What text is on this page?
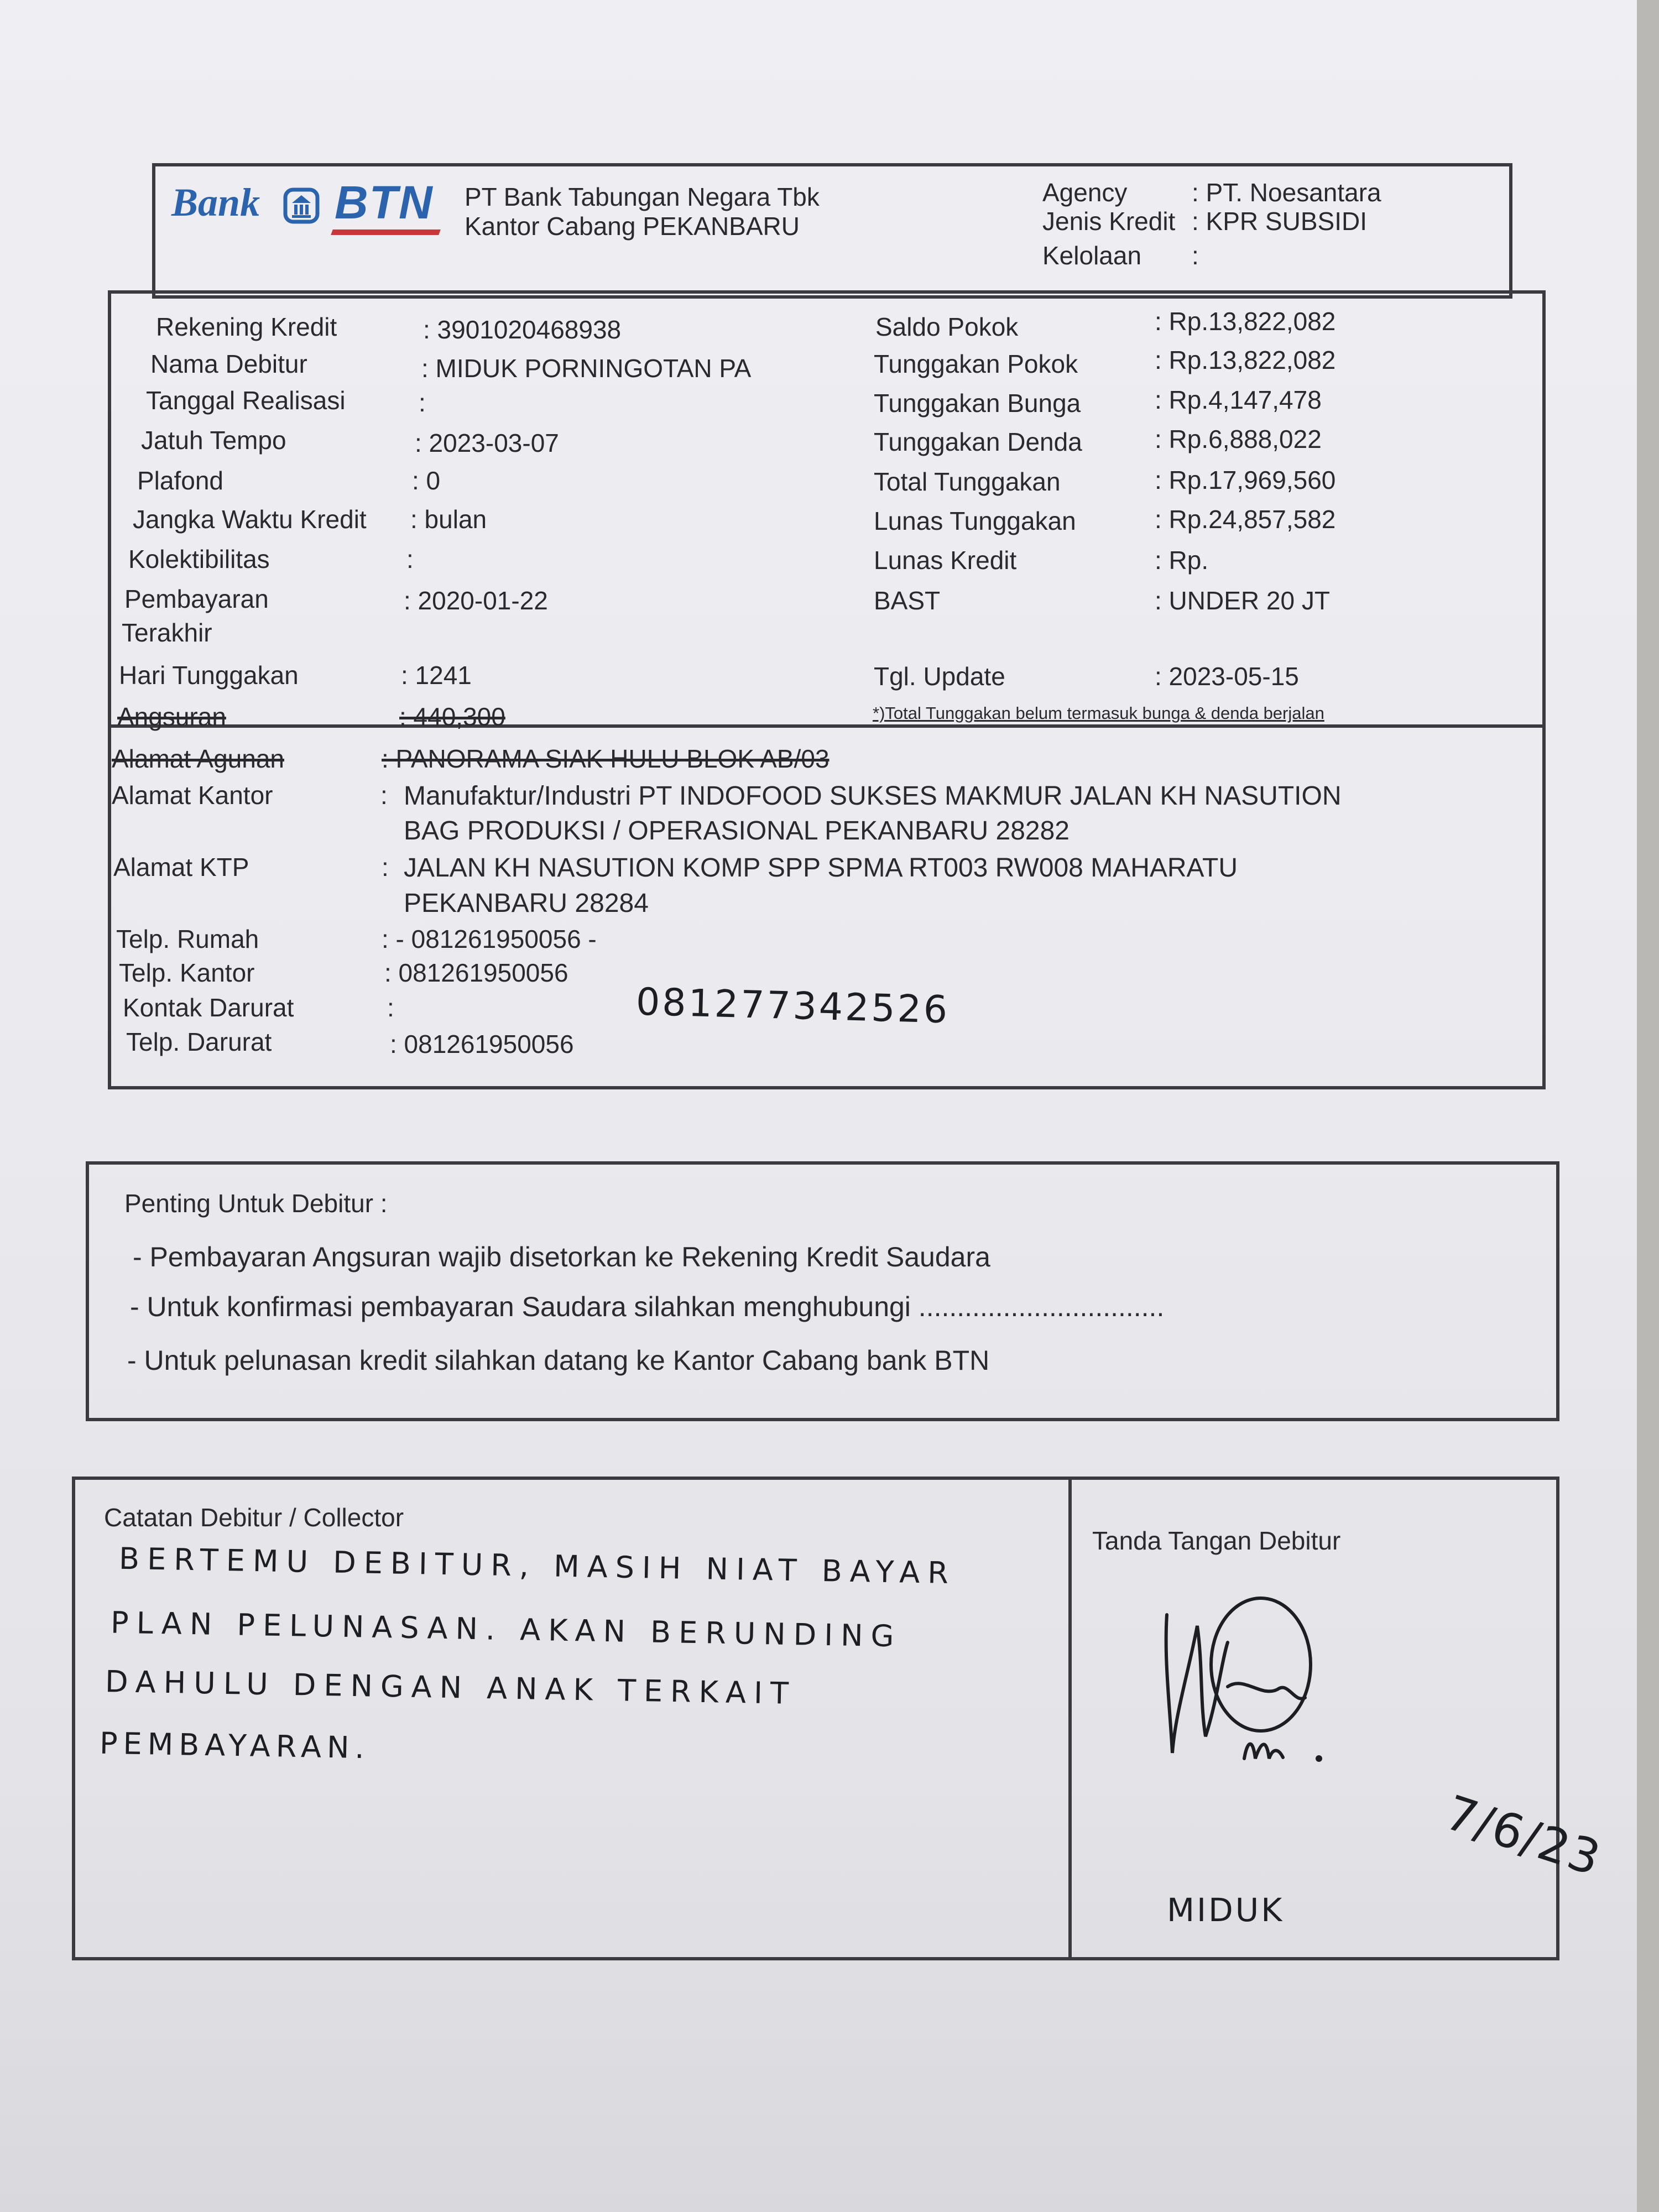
Bank BTN PT Bank Tabungan Negara Tbk
Kantor Cabang PEKANBARU
Agency	: PT. Noesantara
Jenis Kredit : KPR SUBSIDI
Kelolaan :
Rekening Kredit	: 3901020468938
Nama Debitur	: MIDUK PORNINGOTAN PA
Tanggal Realisasi	:
Jatuh Tempo	: 2023-03-07
Plafond	: 0
Jangka Waktu Kredit : bulan
Kolektibilitas	:
Pembayaran	: 2020-01-22
Terakhir
Hari Tunggakan	: 1241
Angsuran	: 440,300
Saldo Pokok	: Rp.13,822,082
Tunggakan Pokok	: Rp.13,822,082
Tunggakan Bunga	: Rp.4,147,478
Tunggakan Denda	: Rp.6,888,022
Total Tunggakan	: Rp.17,969,560
Lunas Tunggakan	: Rp.24,857,582
Lunas Kredit	: Rp.
BAST	: UNDER 20 JT
Tgl. Update	: 2023-05-15
*)Total Tunggakan belum termasuk bunga & denda berjalan
Alamat Agunan	: PANORAMA SIAK HULU BLOK AB/03
Alamat Kantor	: Manufaktur/Industri PT INDOFOOD SUKSES MAKMUR JALAN KH NASUTION
BAG PRODUKSI / OPERASIONAL PEKANBARU 28282
Alamat KTP	: JALAN KH NASUTION KOMP SPP SPMA RT003 RW008 MAHARATU
PEKANBARU 28284
Telp. Rumah	: - 081261950056 -
Telp. Kantor	: 081261950056
Kontak Darurat	:
Telp. Darurat	: 081261950056
081277342526
Penting Untuk Debitur :
- Pembayaran Angsuran wajib disetorkan ke Rekening Kredit Saudara
- Untuk konfirmasi pembayaran Saudara silahkan menghubungi ................................
- Untuk pelunasan kredit silahkan datang ke Kantor Cabang bank BTN
Catatan Debitur / Collector
BERTEMU DEBITUR, MASIH NIAT BAYAR
PLAN PELUNASAN. AKAN BERUNDING
DAHULU DENGAN ANAK TERKAIT
PEMBAYARAN.
Tanda Tangan Debitur
7/6/23
MIDUK
